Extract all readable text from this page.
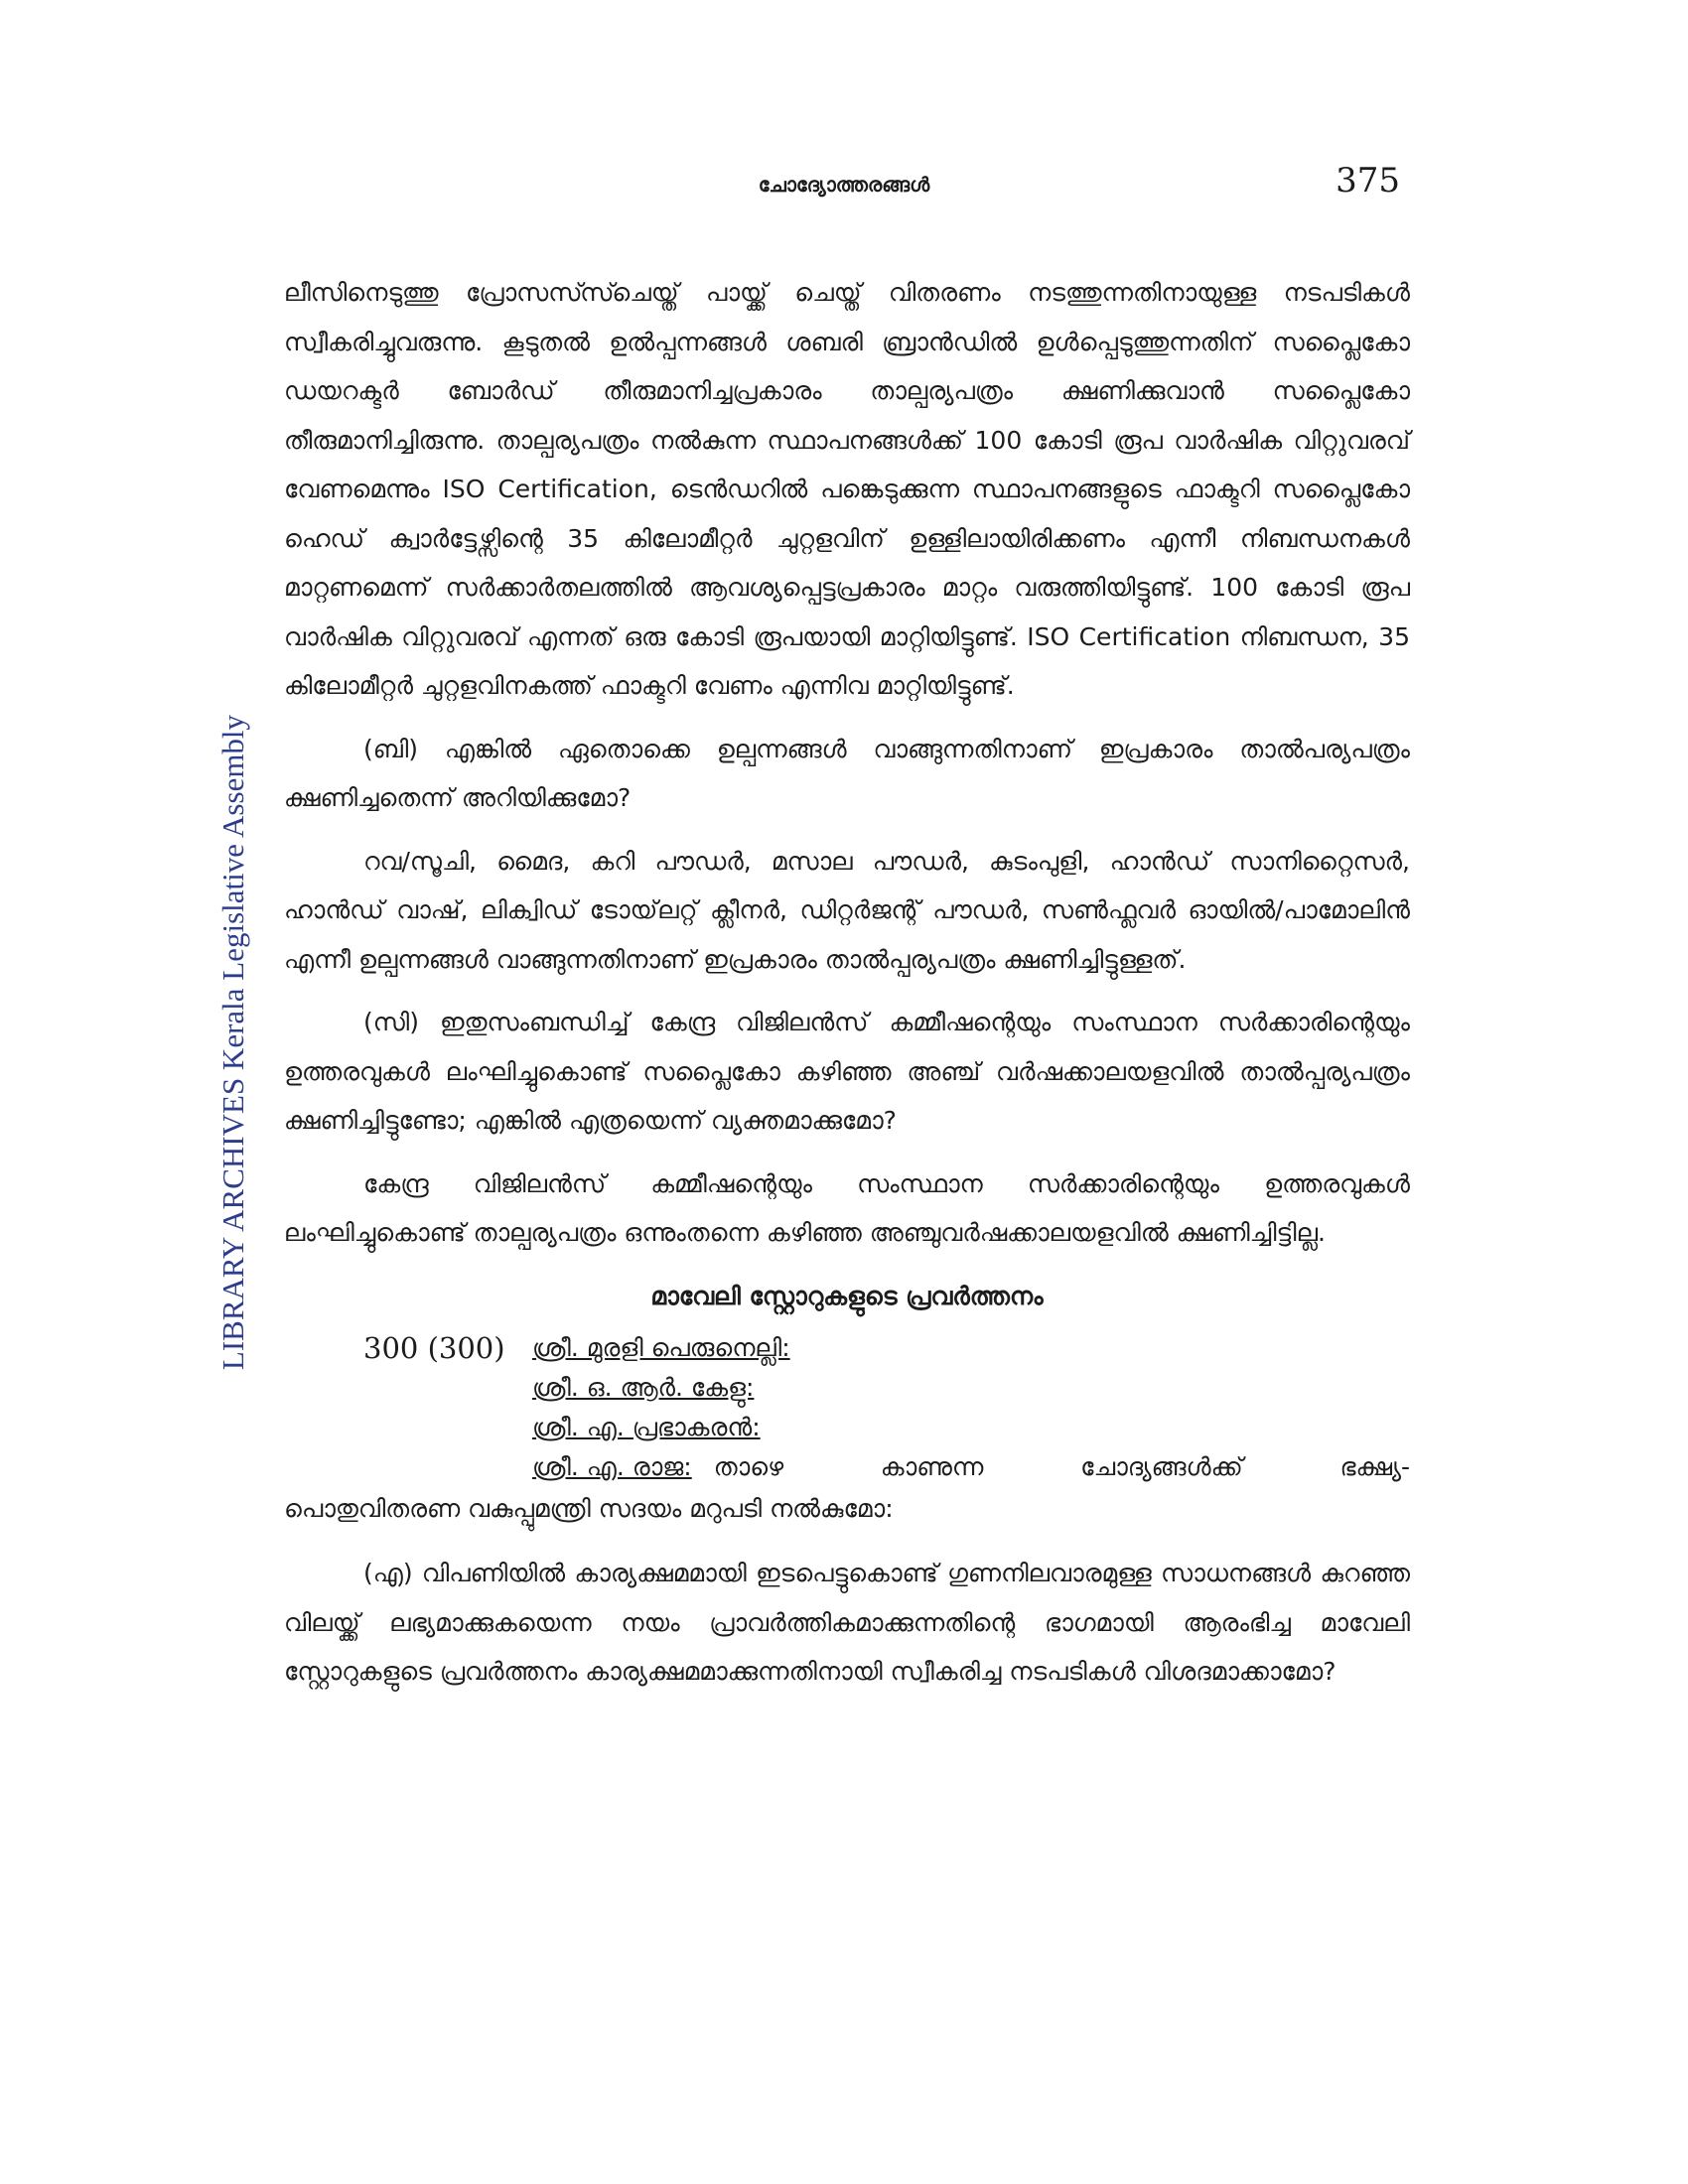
ചോദ്യോത്തരങ്ങൾ	375
LIBRARY ARCHIVES Kerala Legislative Assembly

ലീസിനെടുത്തു പ്രോസസ്സ്ചെയ്ത് പായ്ക്ക് ചെയ്ത് വിതരണം നടത്തുന്നതിനായുള്ള നടപടികൾ സ്വീകരിച്ചുവരുന്നു. കൂടുതൽ ഉൽപ്പന്നങ്ങൾ ശബരി ബ്രാൻഡിൽ ഉൾപ്പെടുത്തുന്നതിന് സപ്ലൈകോ ഡയറക്ടർ ബോർഡ് തീരുമാനിച്ചപ്രകാരം താല്പര്യപത്രം ക്ഷണിക്കുവാൻ സപ്ലൈകോ തീരുമാനിച്ചിരുന്നു. താല്പര്യപത്രം നൽകുന്ന സ്ഥാപനങ്ങൾക്ക് 100 കോടി രൂപ വാർഷിക വിറ്റുവരവ് വേണമെന്നും ISO Certification, ടെൻഡറിൽ പങ്കെടുക്കുന്ന സ്ഥാപനങ്ങളുടെ ഫാക്ടറി സപ്ലൈകോ ഹെഡ് ക്വാർട്ടേഴ്സിന്റെ 35 കിലോമീറ്റർ ചുറ്റളവിന് ഉള്ളിലായിരിക്കണം എന്നീ നിബന്ധനകൾ മാറ്റണമെന്ന് സർക്കാർതലത്തിൽ ആവശ്യപ്പെട്ടപ്രകാരം മാറ്റം വരുത്തിയിട്ടുണ്ട്. 100 കോടി രൂപ വാർഷിക വിറ്റുവരവ് എന്നത് ഒരു കോടി രൂപയായി മാറ്റിയിട്ടുണ്ട്. ISO Certification നിബന്ധന, 35 കിലോമീറ്റർ ചുറ്റളവിനകത്ത് ഫാക്ടറി വേണം എന്നിവ മാറ്റിയിട്ടുണ്ട്.

(ബി) എങ്കിൽ ഏതൊക്കെ ഉല്പന്നങ്ങൾ വാങ്ങുന്നതിനാണ് ഇപ്രകാരം താൽപര്യപത്രം ക്ഷണിച്ചതെന്ന് അറിയിക്കുമോ?

റവ/സൂചി, മൈദ, കറി പൗഡർ, മസാല പൗഡർ, കുടംപുളി, ഹാൻഡ് സാനിറ്റൈസർ, ഹാൻഡ് വാഷ്, ലിക്വിഡ് ടോയ്‌ലറ്റ് ക്ലീനർ, ഡിറ്റർജന്റ് പൗഡർ, സൺഫ്ലവർ ഓയിൽ/പാമോലിൻ എന്നീ ഉല്പന്നങ്ങൾ വാങ്ങുന്നതിനാണ് ഇപ്രകാരം താൽപ്പര്യപത്രം ക്ഷണിച്ചിട്ടുള്ളത്.

(സി) ഇതുസംബന്ധിച്ച് കേന്ദ്ര വിജിലൻസ് കമ്മീഷന്റെയും സംസ്ഥാന സർക്കാരിന്റെയും ഉത്തരവുകൾ ലംഘിച്ചുകൊണ്ട് സപ്ലൈകോ കഴിഞ്ഞ അഞ്ച് വർഷക്കാലയളവിൽ താൽപ്പര്യപത്രം ക്ഷണിച്ചിട്ടുണ്ടോ; എങ്കിൽ എത്രയെന്ന് വ്യക്തമാക്കുമോ?

കേന്ദ്ര വിജിലൻസ് കമ്മീഷന്റെയും സംസ്ഥാന സർക്കാരിന്റെയും ഉത്തരവുകൾ ലംഘിച്ചുകൊണ്ട് താല്പര്യപത്രം ഒന്നുംതന്നെ കഴിഞ്ഞ അഞ്ചുവർഷക്കാലയളവിൽ ക്ഷണിച്ചിട്ടില്ല.

മാവേലി സ്റ്റോറുകളുടെ പ്രവർത്തനം
300 (300) ശ്രീ. മുരളി പെരുനെല്ലി:
ശ്രീ. ഒ. ആർ. കേളു:
ശ്രീ. എ. പ്രഭാകരൻ:
ശ്രീ. എ. രാജ: താഴെ കാണുന്ന ചോദ്യങ്ങൾക്ക് ഭക്ഷ്യ-
പൊതുവിതരണ വകുപ്പുമന്ത്രി സദയം മറുപടി നൽകുമോ:

(എ) വിപണിയിൽ കാര്യക്ഷമമായി ഇടപെട്ടുകൊണ്ട് ഗുണനിലവാരമുള്ള സാധനങ്ങൾ കുറഞ്ഞ വിലയ്ക്ക് ലഭ്യമാക്കുകയെന്ന നയം പ്രാവർത്തികമാക്കുന്നതിന്റെ ഭാഗമായി ആരംഭിച്ച മാവേലി സ്റ്റോറുകളുടെ പ്രവർത്തനം കാര്യക്ഷമമാക്കുന്നതിനായി സ്വീകരിച്ച നടപടികൾ വിശദമാക്കാമോ?
